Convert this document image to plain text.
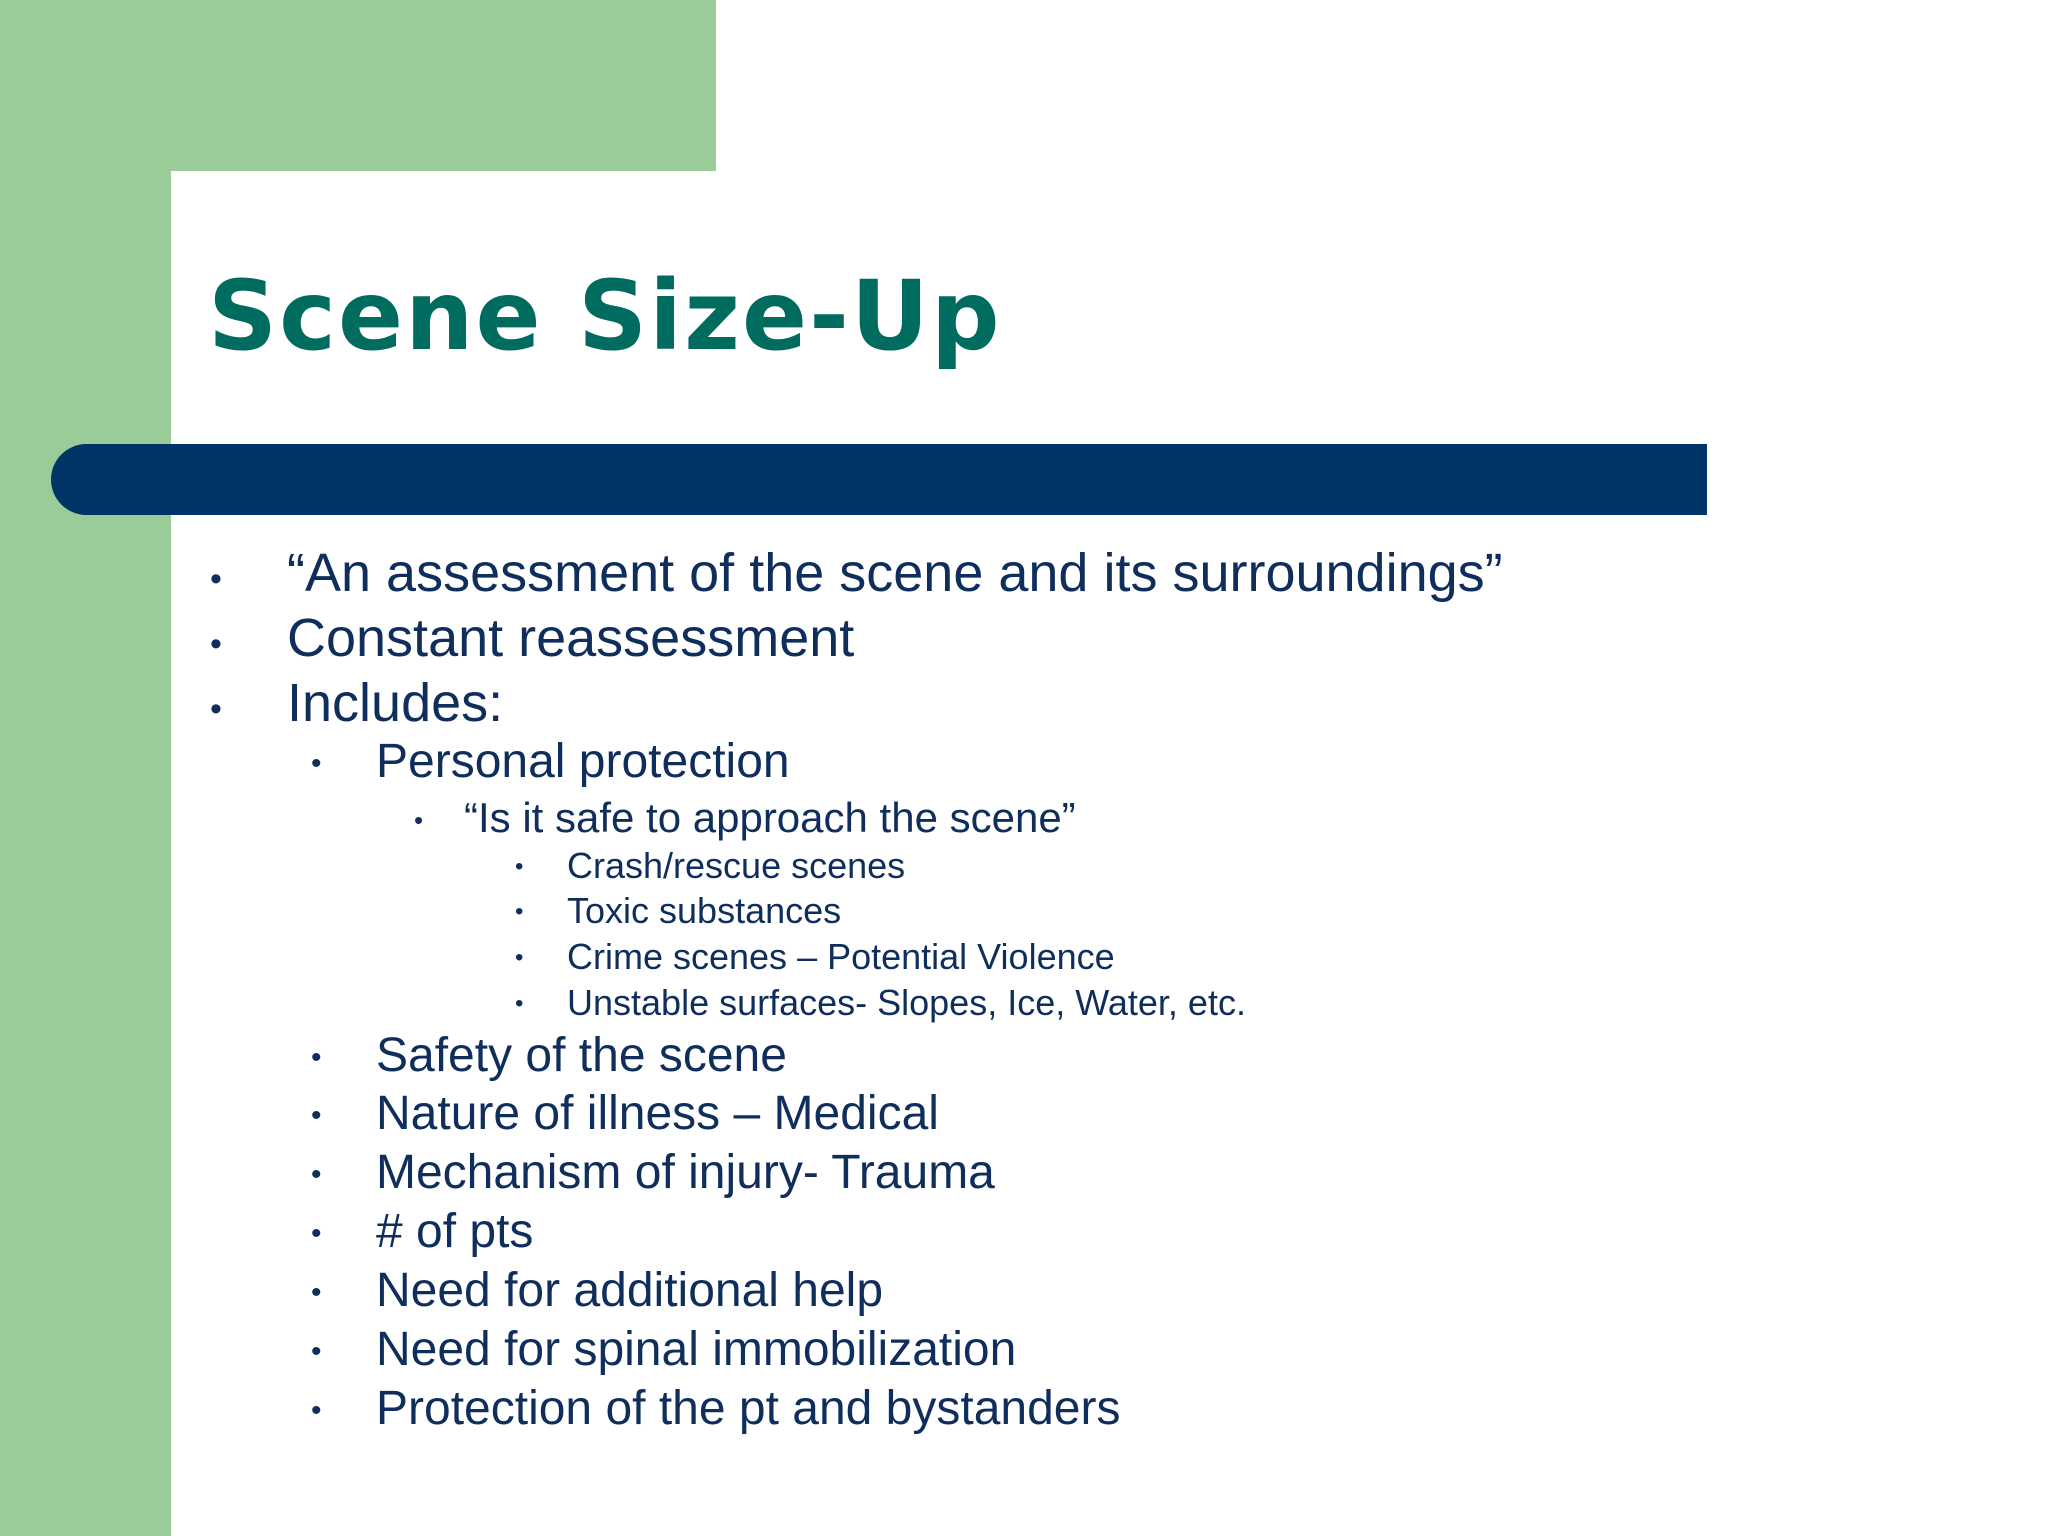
Scene Size-Up
• “An assessment of the scene and its surroundings”
• Constant reassessment
• Includes:
• Personal protection
• “Is it safe to approach the scene”
• Crash/rescue scenes
• Toxic substances
• Crime scenes – Potential Violence
• Unstable surfaces- Slopes, Ice, Water, etc.
• Safety of the scene
• Nature of illness – Medical
• Mechanism of injury- Trauma
• # of pts
• Need for additional help
• Need for spinal immobilization
• Protection of the pt and bystanders
